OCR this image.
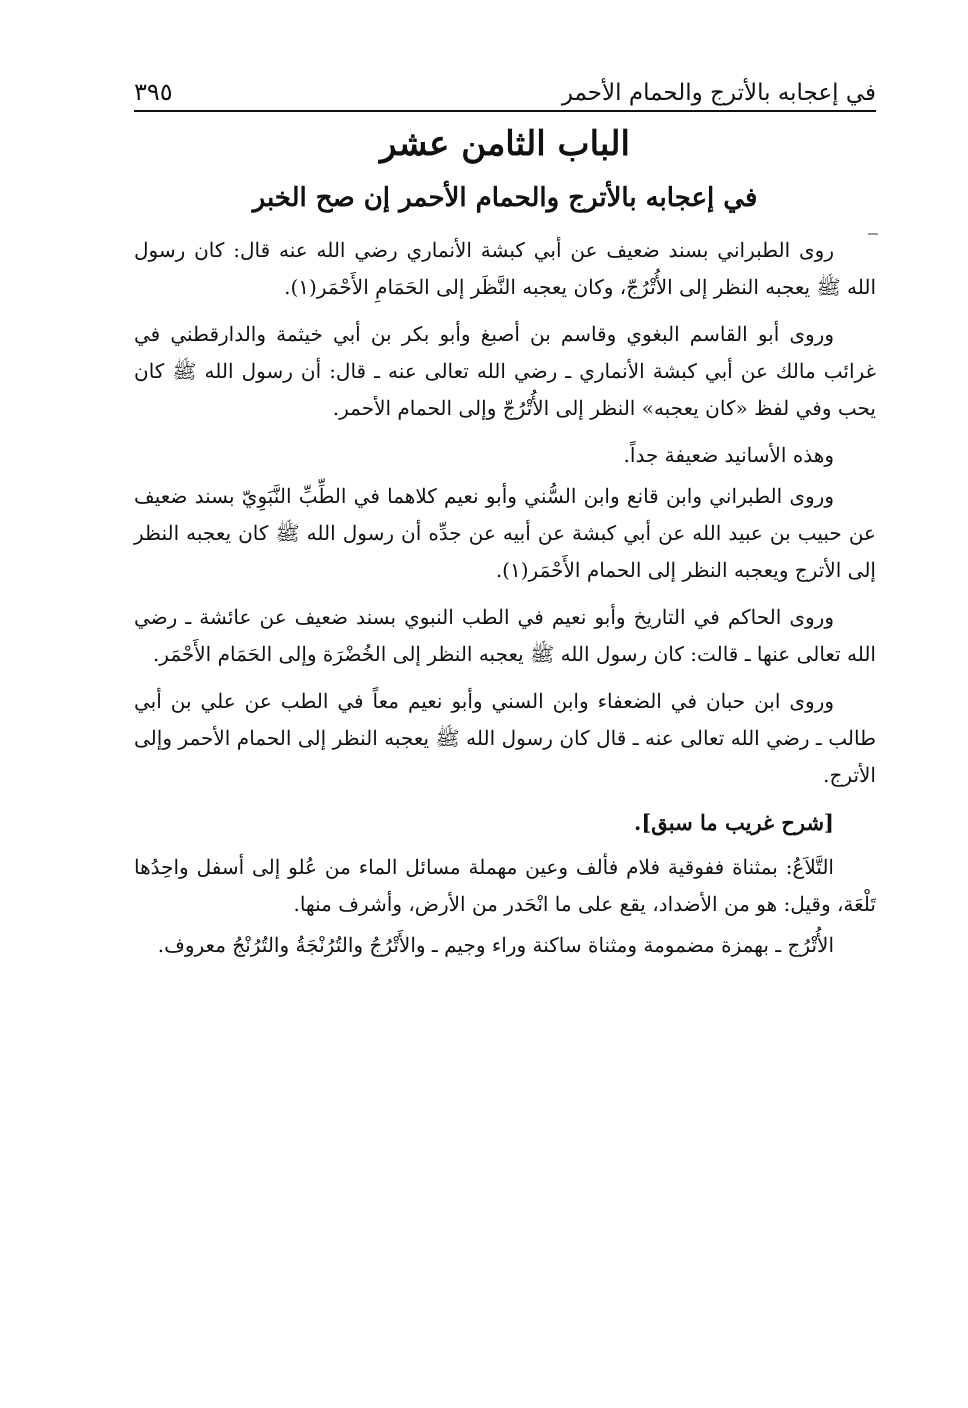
في إعجابه بالأترج والحمام الأحمر
٣٩٥
الباب الثامن عشر
في إعجابه بالأترج والحمام الأحمر إن صح الخبر

روى الطبراني بسند ضعيف عن أبي كبشة الأنماري رضي الله عنه قال: كان رسول الله ﷺ يعجبه النظر إلى الأُتْرُجّ، وكان يعجبه النَّظَر إلى الحَمَامِ الأَحْمَر(١).

وروى أبو القاسم البغوي وقاسم بن أصبغ وأبو بكر بن أبي خيثمة والدارقطني في غرائب مالك عن أبي كبشة الأنماري ـ رضي الله تعالى عنه ـ قال: أن رسول الله ﷺ كان يحب وفي لفظ «كان يعجبه» النظر إلى الأُتْرُجّ وإلى الحمام الأحمر.

وهذه الأسانيد ضعيفة جداً.

وروى الطبراني وابن قانع وابن السُّني وأبو نعيم كلاهما في الطِّبِّ النَّبَوِيّ بسند ضعيف عن حبيب بن عبيد الله عن أبي كبشة عن أبيه عن جدِّه أن رسول الله ﷺ كان يعجبه النظر إلى الأترج ويعجبه النظر إلى الحمام الأَحْمَر(١).

وروى الحاكم في التاريخ وأبو نعيم في الطب النبوي بسند ضعيف عن عائشة ـ رضي الله تعالى عنها ـ قالت: كان رسول الله ﷺ يعجبه النظر إلى الخُضْرَة وإلى الحَمَام الأَحْمَر.

وروى ابن حبان في الضعفاء وابن السني وأبو نعيم معاً في الطب عن علي بن أبي طالب ـ رضي الله تعالى عنه ـ قال كان رسول الله ﷺ يعجبه النظر إلى الحمام الأحمر وإلى الأترج.

[شرح غريب ما سبق].

التَّلاَعُ: بمثناة ففوقية فلام فألف وعين مهملة مسائل الماء من عُلو إلى أسفل واحِدُها تَلْعَة، وقيل: هو من الأضداد، يقع على ما انْحَدر من الأرض، وأشرف منها.

الأُتْرُج ـ بهمزة مضمومة ومثناة ساكنة وراء وجيم ـ والأَتْرُجُ والتُرُنْجَةُ والتُرُنْجُ معروف.
